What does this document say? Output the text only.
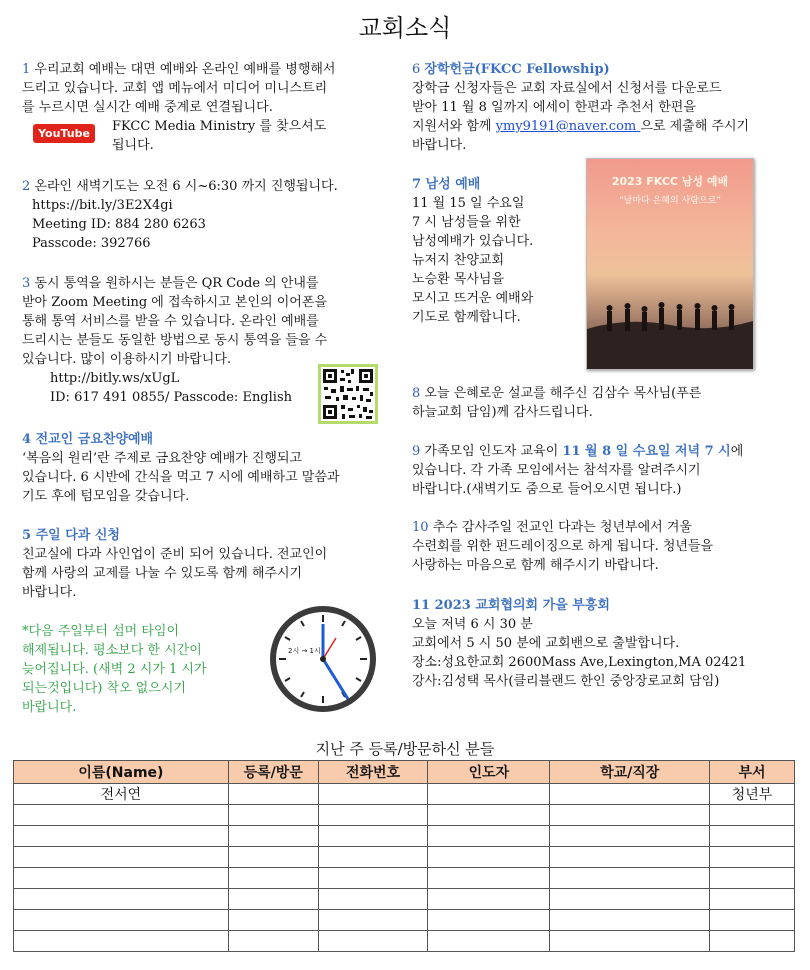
교회소식

1 우리교회 예배는 대면 예배와 온라인 예배를 병행해서

드리고 있습니다. 교회 앱 메뉴에서 미디어 미니스트리

를 누르시면 실시간 예배 중계로 연결됩니다.

YouTube	FKCC Media Ministry 를 찾으셔도

됩니다.

2 온라인 새벽기도는 오전 6 시~6:30 까지 진행됩니다.

https://bit.ly/3E2X4gi

Meeting ID: 884 280 6263

Passcode: 392766

3 동시 통역을 원하시는 분들은 QR Code 의 안내를

받아 Zoom Meeting 에 접속하시고 본인의 이어폰을

통해 통역 서비스를 받을 수 있습니다. 온라인 예배를

드리시는 분들도 동일한 방법으로 동시 통역을 들을 수

있습니다. 많이 이용하시기 바랍니다.

http://bitly.ws/xUgL

ID: 617 491 0855/ Passcode: English

4 전교인 금요찬양예배

‘복음의 원리’란 주제로 금요찬양 예배가 진행되고

있습니다. 6 시반에 간식을 먹고 7 시에 예배하고 말씀과

기도 후에 텀모임을 갖습니다.

5 주일 다과 신청

친교실에 다과 사인업이 준비 되어 있습니다. 전교인이

함께 사랑의 교제를 나눌 수 있도록 함께 해주시기

바랍니다.

*다음 주일부터 섬머 타임이

해제됩니다. 평소보다 한 시간이

늦어집니다. (새벽 2 시가 1 시가

되는것입니다) 착오 없으시기

바랍니다.

2시 → 1시

6 장학헌금(FKCC Fellowship)

장학금 신청자들은 교회 자료실에서 신청서를 다운로드

받아 11 월 8 일까지 에세이 한편과 추천서 한편을

지원서와 함께 ymy9191@naver.com 으로 제출해 주시기

바랍니다.

7 남성 예배

11 월 15 일 수요일

7 시 남성들을 위한

남성예배가 있습니다.

뉴저지 찬양교회

노승환 목사님을

모시고 뜨거운 예배와

기도로 함께합니다.

2023 FKCC 남성 예배
“날마다 은혜의 사람으로”

8 오늘 은혜로운 설교를 해주신 김삼수 목사님(푸른

하늘교회 담임)께 감사드립니다.

9 가족모임 인도자 교육이 11 월 8 일 수요일 저녁 7 시에

있습니다. 각 가족 모임에서는 참석자를 알려주시기

바랍니다.(새벽기도 줌으로 들어오시면 됩니다.)

10 추수 감사주일 전교인 다과는 청년부에서 겨울

수련회를 위한 펀드레이징으로 하게 됩니다. 청년들을

사랑하는 마음으로 함께 해주시기 바랍니다.

11 2023 교회협의회 가을 부흥회

오늘 저녁 6 시 30 분

교회에서 5 시 50 분에 교회밴으로 출발합니다.

장소:성요한교회 2600Mass Ave,Lexington,MA 02421

강사:김성택 목사(클리블랜드 한인 중앙장로교회 담임)

지난 주 등록/방문하신 분들
이름(Name)	등록/방문	전화번호	인도자	학교/직장	부서
전서연					청년부
